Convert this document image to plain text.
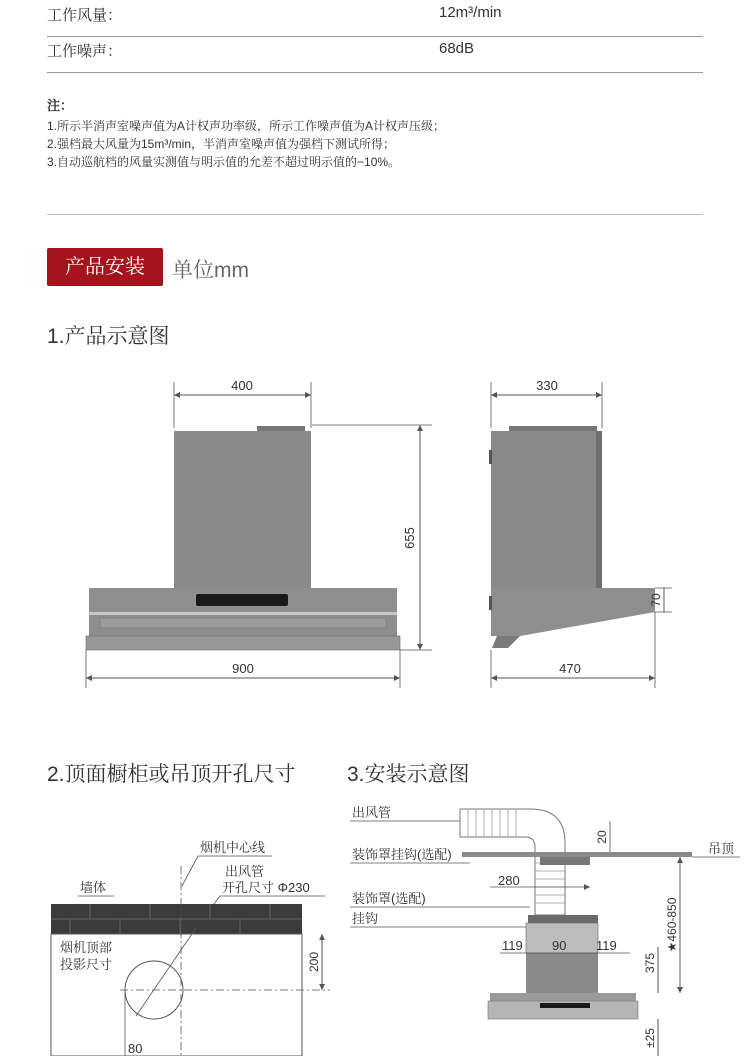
工作风量：	12m³/min
工作噪声：	68dB
注：
1.所示半消声室噪声值为A计权声功率级，所示工作噪声值为A计权声压级；
2.强档最大风量为15m³/min，半消声室噪声值为强档下测试所得；
3.自动巡航档的风量实测值与明示值的允差不超过明示值的−10%。
产品安装	单位mm
1.产品示意图
400
655
900
330
70
470
2.顶面橱柜或吊顶开孔尺寸 3.安装示意图
烟机中心线
出风管
开孔尺寸 Φ230
墙体
烟机顶部
投影尺寸	200
80
出风管
20
装饰罩挂钩(选配)	吊顶
280
装饰罩(选配)
挂钩
119 90 119	★460-850
375
±25
